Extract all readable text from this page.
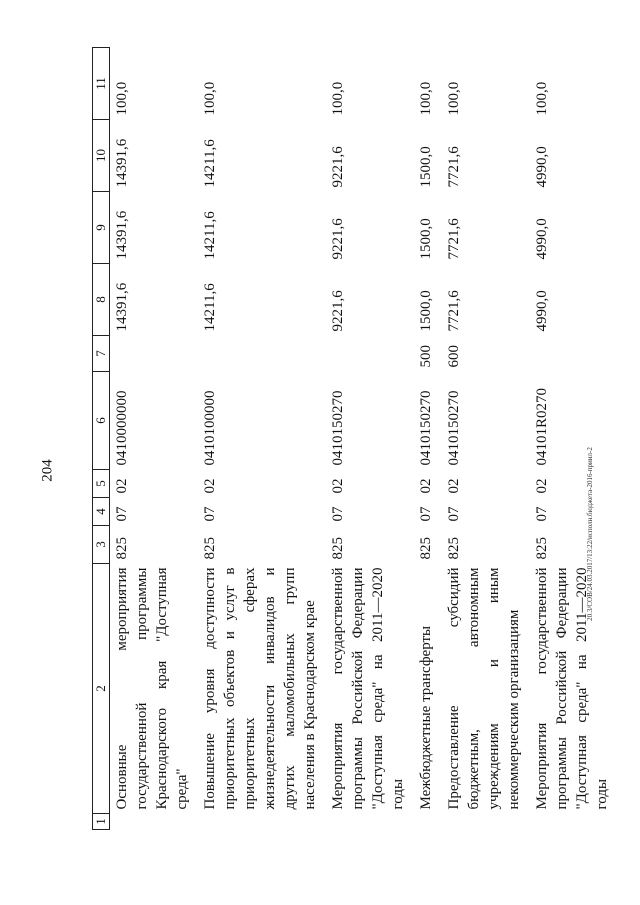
204	20.3/СОВ/24.03.2017/13:22/исполн.бюджета-2016-приил-2
1	2	3	4	5	6	7	8	9	10	11
	Основные мероприятия государственной программы Краснодарского края "Доступная среда"	825	07	02	0410000000		14391,6	14391,6	14391,6	100,0
	Повышение уровня доступности приоритетных объектов и услуг в приоритетных сферах жизнедеятельности инвалидов и других маломобильных групп населения в Краснодарском крае	825	07	02	0410100000		14211,6	14211,6	14211,6	100,0
	Мероприятия государственной программы Российской Федерации "Доступная среда" на 2011—2020 годы	825	07	02	0410150270		9221,6	9221,6	9221,6	100,0
	Межбюджетные трансферты	825	07	02	0410150270	500	1500,0	1500,0	1500,0	100,0
	Предоставление субсидий бюджетным, автономным учреждениям и иным некоммерческим организациям	825	07	02	0410150270	600	7721,6	7721,6	7721,6	100,0
	Мероприятия государственной программы Российской Федерации "Доступная среда" на 2011—2020 годы	825	07	02	04101R0270		4990,0	4990,0	4990,0	100,0
